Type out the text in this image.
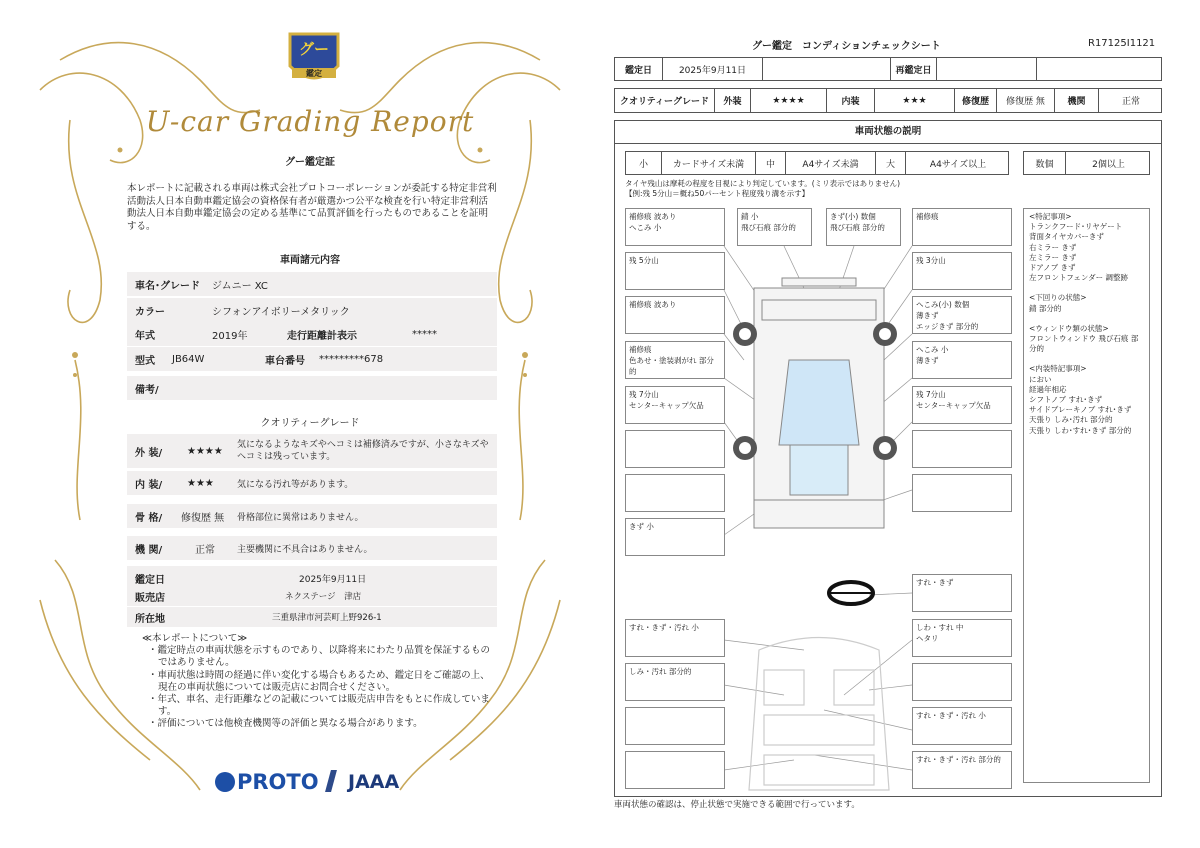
グー
鑑定
U-car Grading Report
グー鑑定証
本レポートに記載される車両は株式会社プロトコーポレーションが委託する特定非営利活動法人日本自動車鑑定協会の資格保有者が厳選かつ公平な検査を行い特定非営利活動法人日本自動車鑑定協会の定める基準にて品質評価を行ったものであることを証明する。
車両諸元内容
車名･グレード ジムニー XC
カラー	シフォンアイボリーメタリック
年式	2019年	走行距離計表示	*****
型式 JB64W	車台番号 *********678
備考/
クオリティーグレード
外 装/ ★★★★
気になるようなキズやヘコミは補修済みですが、小さなキズやヘコミは残っています。
内 装/ ★★★	気になる汚れ等があります。
骨 格/ 修復歴 無 骨格部位に異常はありません。
機 関/	正常 主要機関に不具合はありません。
鑑定日	2025年9月11日
販売店	ネクステージ　津店
所在地	三重県津市河芸町上野926-1
≪本レポートについて≫
・鑑定時点の車両状態を示すものであり、以降将来にわたり品質を保証するものではありません。
・車両状態は時間の経過に伴い変化する場合もあるため、鑑定日をご確認の上、現在の車両状態については販売店にお問合せください。
・年式、車名、走行距離などの記載については販売店申告をもとに作成しています。
・評価については他検査機関等の評価と異なる場合があります。
PROTO	JAAA
グー鑑定　コンディションチェックシート	R17125I1121
鑑定日	2025年9月11日	再鑑定日
クオリティーグレード	外装	★★★★	内装	★★★	修復歴	修復歴 無	機関	正常
車両状態の説明
小	カードサイズ未満	中	A4サイズ未満	大	A4サイズ以上	数個	2個以上
タイヤ残山は摩耗の程度を目視により判定しています。(ミリ表示ではありません)
【例:残 5分山＝概ね50パーセント程度残り溝を示す】
補修痕 波あり
へこみ 小
残 5分山
補修痕 波あり
補修痕
色あせ・塗装剥がれ 部分的
残 7分山
センターキャップ欠品
きず 小
錆 小
飛び石痕 部分的
きず(小) 数個
飛び石痕 部分的
補修痕
残 3分山
へこみ(小) 数個
薄きず
エッジきず 部分的
へこみ 小
薄きず
残 7分山
センターキャップ欠品
すれ・きず
しわ・すれ 中
ヘタリ
すれ・きず・汚れ 小
すれ・きず・汚れ 部分的
すれ・きず・汚れ 小
しみ・汚れ 部分的
<特記事項>
トランクフード･リヤゲート
背面タイヤカバーきず
右ミラー きず
左ミラー きず
ドアノブ きず
左フロントフェンダー 調整跡
<下回りの状態>
錆 部分的
<ウィンドウ類の状態>
フロントウィンドウ 飛び石痕 部分的
<内装特記事項>
におい
経過年相応
シフトノブ すれ･きず
サイドブレーキノブ すれ･きず
天張り しみ･汚れ 部分的
天張り しわ･すれ･きず 部分的
車両状態の確認は、停止状態で実施できる範囲で行っています。
